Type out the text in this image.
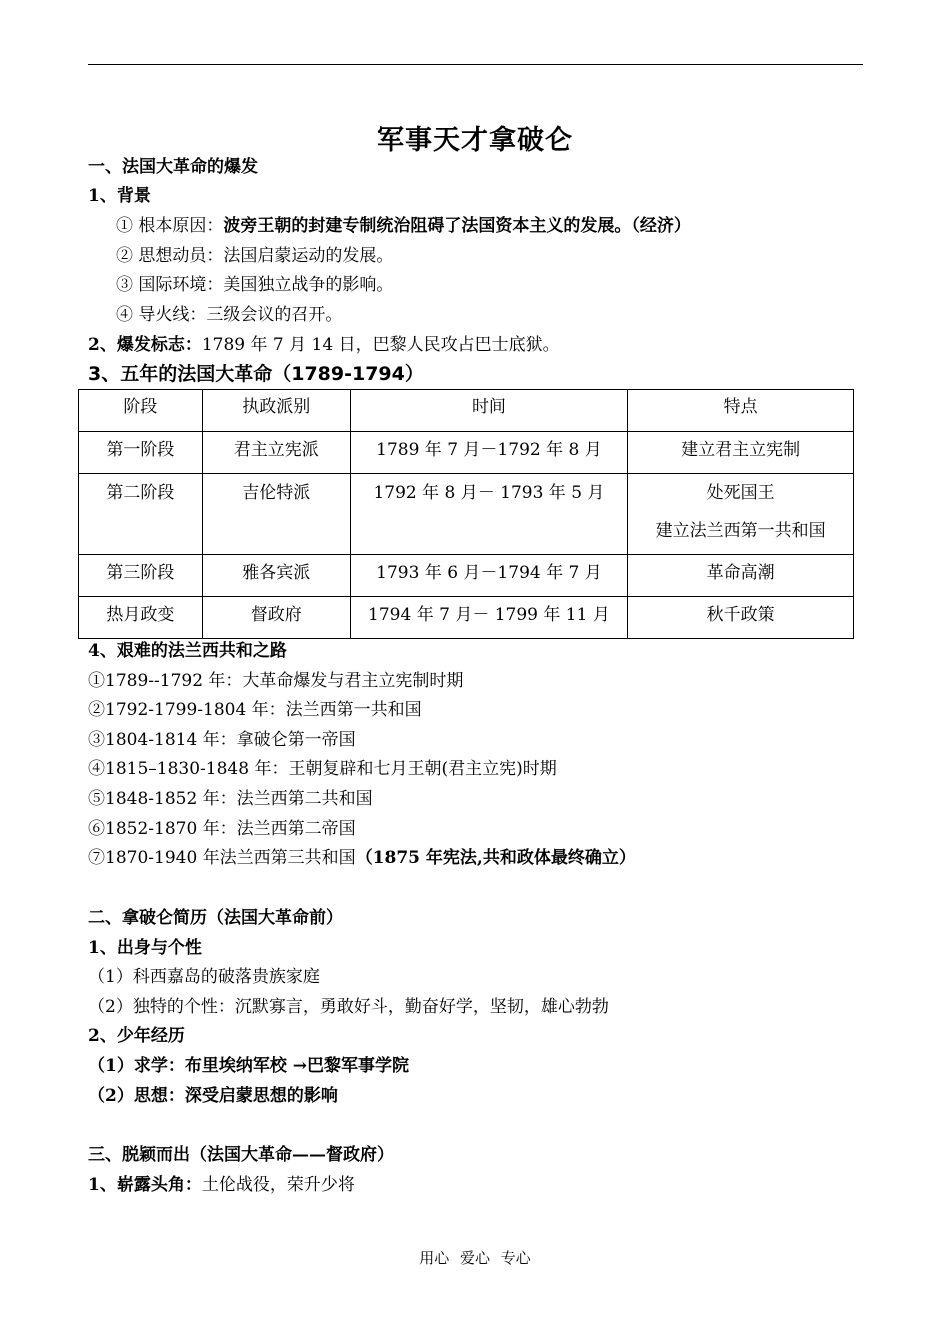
军事天才拿破仑
一、法国大革命的爆发
1、背景
① 根本原因：波旁王朝的封建专制统治阻碍了法国资本主义的发展。（经济）
② 思想动员：法国启蒙运动的发展。
③ 国际环境：美国独立战争的影响。
④ 导火线：三级会议的召开。
2、爆发标志：1789 年 7 月 14 日，巴黎人民攻占巴士底狱。
3、五年的法国大革命（1789-1794）
阶段	执政派别	时间	特点
第一阶段	君主立宪派	1789 年 7 月－1792 年 8 月	建立君主立宪制
第二阶段	吉伦特派	1792 年 8 月－ 1793 年 5 月	处死国王
建立法兰西第一共和国

第三阶段	雅各宾派	1793 年 6 月－1794 年 7 月	革命高潮
热月政变	督政府	1794 年 7 月－ 1799 年 11 月	秋千政策
4、艰难的法兰西共和之路
①1789--1792 年：大革命爆发与君主立宪制时期
②1792-1799-1804 年：法兰西第一共和国
③1804-1814 年：拿破仑第一帝国
④1815–1830-1848 年：王朝复辟和七月王朝(君主立宪)时期
⑤1848-1852 年：法兰西第二共和国
⑥1852-1870 年：法兰西第二帝国
⑦1870-1940 年法兰西第三共和国（1875 年宪法,共和政体最终确立）
二、拿破仑简历（法国大革命前）
1、出身与个性
（1）科西嘉岛的破落贵族家庭
（2）独特的个性：沉默寡言，勇敢好斗，勤奋好学，坚韧，雄心勃勃
2、少年经历
（1）求学：布里埃纳军校 →巴黎军事学院
（2）思想：深受启蒙思想的影响
三、脱颖而出（法国大革命——督政府）
1、崭露头角：土伦战役，荣升少将
用心 爱心 专心
